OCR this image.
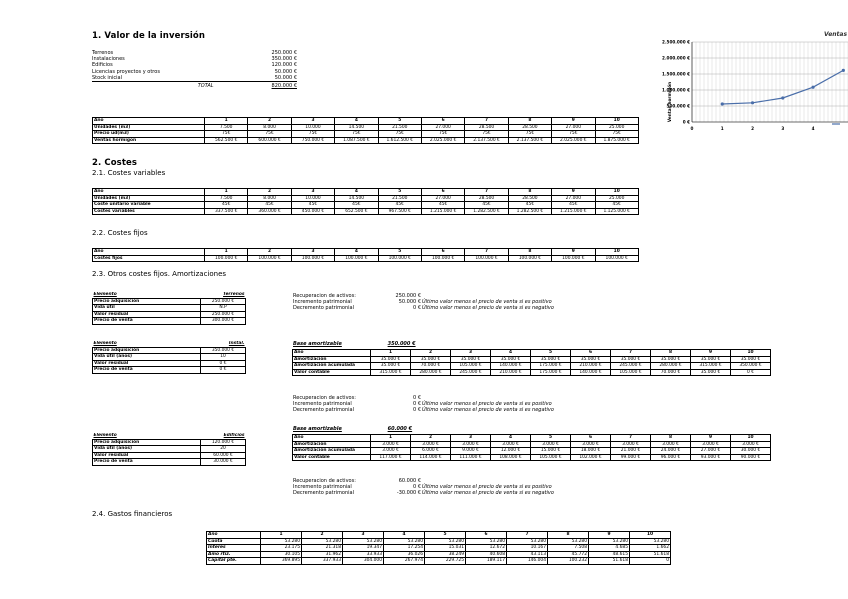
1. Valor de la inversión
Terrenos	250.000 €
Instalaciones	350.000 €
Edificios	120.000 €
Licencias proyectos y otros	50.000 €
Stock inicial	50.000 €
TOTAL	820.000 €
Año	1	2	3	4	5	6	7	8	9	10
Unidades (m3)	7.500	8.000	10.000	14.500	21.500	27.000	28.500	28.500	27.000	25.000
Precio ud(m3)	75€	75€	75€	75€	75€	75€	75€	75€	75€	75€
Ventas hormigon	562.500 €	600.000 €	750.000 €	1.087.500 €	1.612.500 €	2.025.000 €	2.137.500 €	2.137.500 €	2.025.000 €	1.875.000 €
Ventas
0 €
500.000 €
1.000.000 €
1.500.000 €
2.000.000 €
2.500.000 €
0	1	2	3	4
Ventas hormigón
2. Costes
2.1. Costes variables
Año	1	2	3	4	5	6	7	8	9	10
Unidades (m3)	7.500	8.000	10.000	14.500	21.500	27.000	28.500	28.500	27.000	25.000
Coste unitario variable	45€	45€	45€	45€	45€	45€	45€	45€	45€	45€
Costes variables	337.500 €	360.000 €	450.000 €	652.500 €	967.500 €	1.215.000 €	1.282.500 €	1.282.500 €	1.215.000 €	1.125.000 €
2.2. Costes fijos
Año	1	2	3	4	5	6	7	8	9	10
Costes fijos	100.000 €	100.000 €	100.000 €	100.000 €	100.000 €	100.000 €	100.000 €	100.000 €	100.000 €	100.000 €
2.3. Otros costes fijos. Amortizaciones
Elemento	Terrenos
Precio adquisición	250.000 €
Vida útil	N.P
Valor residual	250.000 €
Precio de venta	300.000 €
Recuperacion de activos:	250.000 €
Incremento patrimonial	50.000 € Último valor menos el precio de venta si es positivo
Decremento patrimonial	0 € Último valor menos el precio de venta si es negativo
Elemento	Instal.
Precio adquisición	350.000 €
Vida útil (años)	10
Valor residual	0 €
Precio de venta	0 €
Base amortizable	350.000 €
Año	1	2	3	4	5	6	7	8	9	10
Amortización	35.000 €	35.000 €	35.000 €	35.000 €	35.000 €	35.000 €	35.000 €	35.000 €	35.000 €	35.000 €
Amortización acumulada	35.000 €	70.000 €	105.000 €	140.000 €	175.000 €	210.000 €	245.000 €	280.000 €	315.000 €	350.000 €
Valor contable	315.000 €	280.000 €	245.000 €	210.000 €	175.000 €	140.000 €	105.000 €	70.000 €	35.000 €	0 €
Recuperacion de activos:	0 €
Incremento patrimonial	0 € Último valor menos el precio de venta si es positivo
Decremento patrimonial	0 € Último valor menos el precio de venta si es negativo
Base amortizable	60.000 €
Elemento	Edificios
Precio adquisición	120.000 €
Vida útil (años)	20
Valor residual	60.000 €
Precio de venta	30.000 €
Año	1	2	3	4	5	6	7	8	9	10
Amortización	3.000 €	3.000 €	3.000 €	3.000 €	3.000 €	3.000 €	3.000 €	3.000 €	3.000 €	3.000 €
Amortización acumulada	3.000 €	6.000 €	9.000 €	12.000 €	15.000 €	18.000 €	21.000 €	24.000 €	27.000 €	30.000 €
Valor contable	117.000 €	114.000 €	111.000 €	108.000 €	105.000 €	102.000 €	99.000 €	96.000 €	93.000 €	90.000 €
Recuperacion de activos:	60.000 €
Incremento patrimonial	0 € Último valor menos el precio de venta si es positivo
Decremento patrimonial	-30.000 € Último valor menos el precio de venta si es negativo
2.4. Gastos financieros
Año	1	2	3	4	5	6	7	8	9	10
Cuota	53.280	53.280	53.280	53.280	53.280	53.280	53.280	53.280	53.280	53.280
Interes	23.175	21.318	19.347	17.254	15.031	12.672	10.167	7.508	4.685	1.662
Amo rtiz.	30.105	31.962	33.933	36.026	38.249	40.608	43.113	45.772	48.615	51.618
Capital pte.	369.895	337.933	304.000	267.974	229.725	189.117	146.004	100.232	51.618	0
